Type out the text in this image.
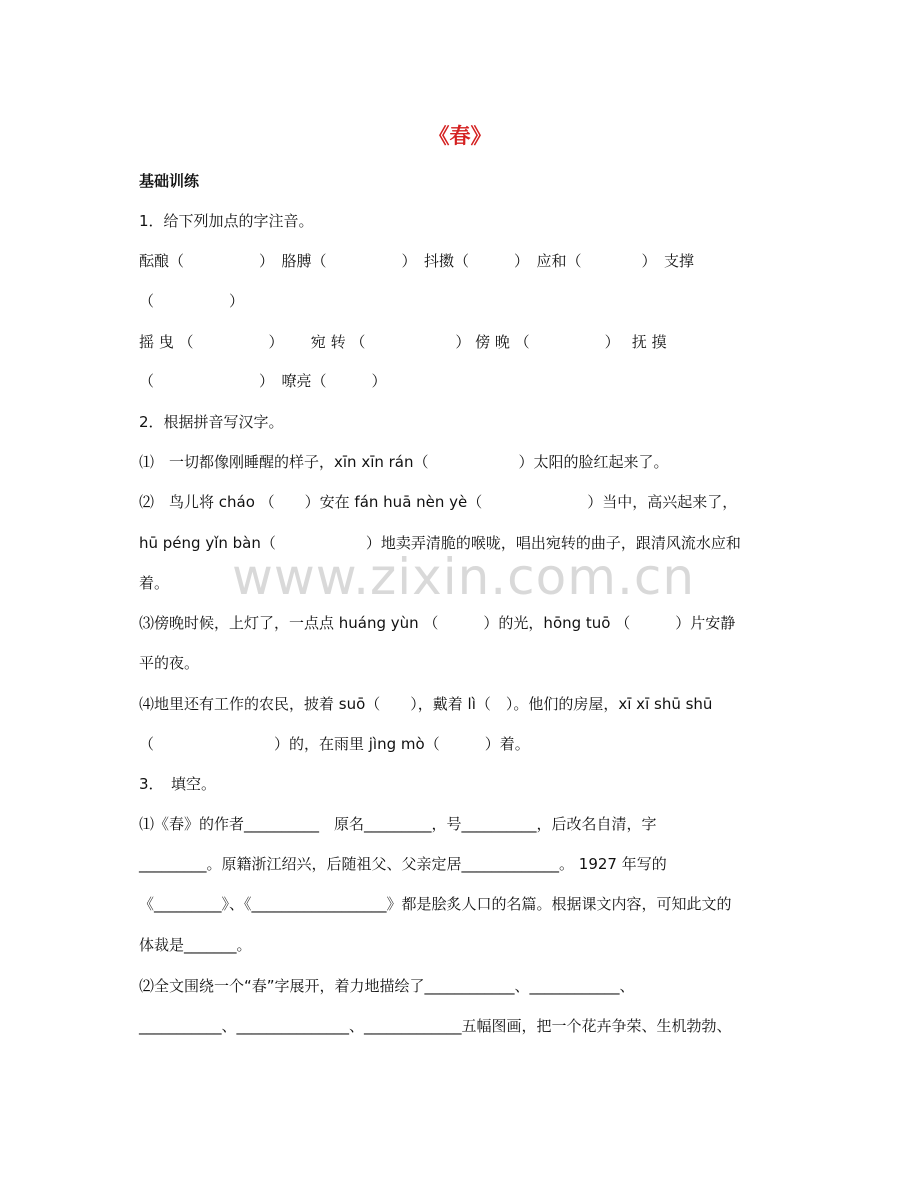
《春》
基础训练
1．给下列加点的字注音。
酝酿（　　　　　）　胳膊（　　　　　）　抖擞（　　　）　应和（　　　　）　支撑
（　　　　　）
摇 曳 （　　　　　）　　 宛 转 （　　　　　　） 傍 晚 （　　　　　）　 抚 摸
（　　　　　　　）　嘹亮（　　　）
2．根据拼音写汉字。
⑴　一切都像刚睡醒的样子，xīn xīn rán（　　　　　　）太阳的脸红起来了。
⑵　鸟儿将 cháo （　　）安在 fán huā nèn yè（　　　　　　　）当中，高兴起来了，
hū péng yǐn bàn（　　　　　　）地卖弄清脆的喉咙，唱出宛转的曲子，跟清风流水应和
着。
⑶傍晚时候，上灯了，一点点 huáng yùn （　　　）的光，hōng tuō （　　　）片安静
平的夜。
⑷地里还有工作的农民，披着 suō（　　），戴着 lì（　）。他们的房屋，xī xī shū shū
（　　　　　　　　）的，在雨里 jìng mò（　　　）着。
3．　填空。
⑴《春》的作者__________　原名_________，号__________，后改名自清，字
_________。原籍浙江绍兴，后随祖父、父亲定居_____________。 1927 年写的
《_________》、《__________________》都是脍炙人口的名篇。根据课文内容，可知此文的
体裁是_______。
⑵全文围绕一个“春”字展开，着力地描绘了____________、____________、
___________、_______________、_____________五幅图画，把一个花卉争荣、生机勃勃、
www.zixin.com.cn
